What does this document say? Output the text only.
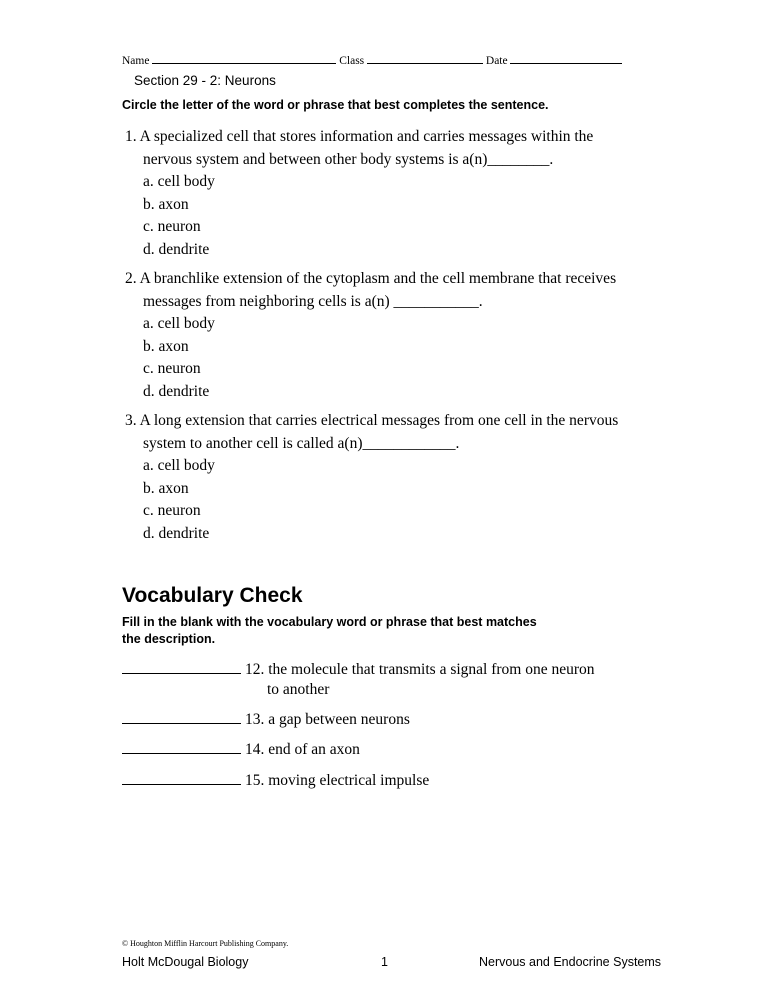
Name	Class	Date
Section 29 - 2: Neurons
Circle the letter of the word or phrase that best completes the sentence.
1. A specialized cell that stores information and carries messages within the
nervous system and between other body systems is a(n)________.
a. cell body
b. axon
c. neuron
d. dendrite
2. A branchlike extension of the cytoplasm and the cell membrane that receives
messages from neighboring cells is a(n) ___________.
a. cell body
b. axon
c. neuron
d. dendrite
3. A long extension that carries electrical messages from one cell in the nervous
system to another cell is called a(n)____________.
a. cell body
b. axon
c. neuron
d. dendrite
Vocabulary Check
Fill in the blank with the vocabulary word or phrase that best matches
the description.
12. the molecule that transmits a signal from one neuron
to another
13. a gap between neurons
14. end of an axon
15. moving electrical impulse
© Houghton Mifflin Harcourt Publishing Company.
Holt McDougal Biology	1	Nervous and Endocrine Systems
